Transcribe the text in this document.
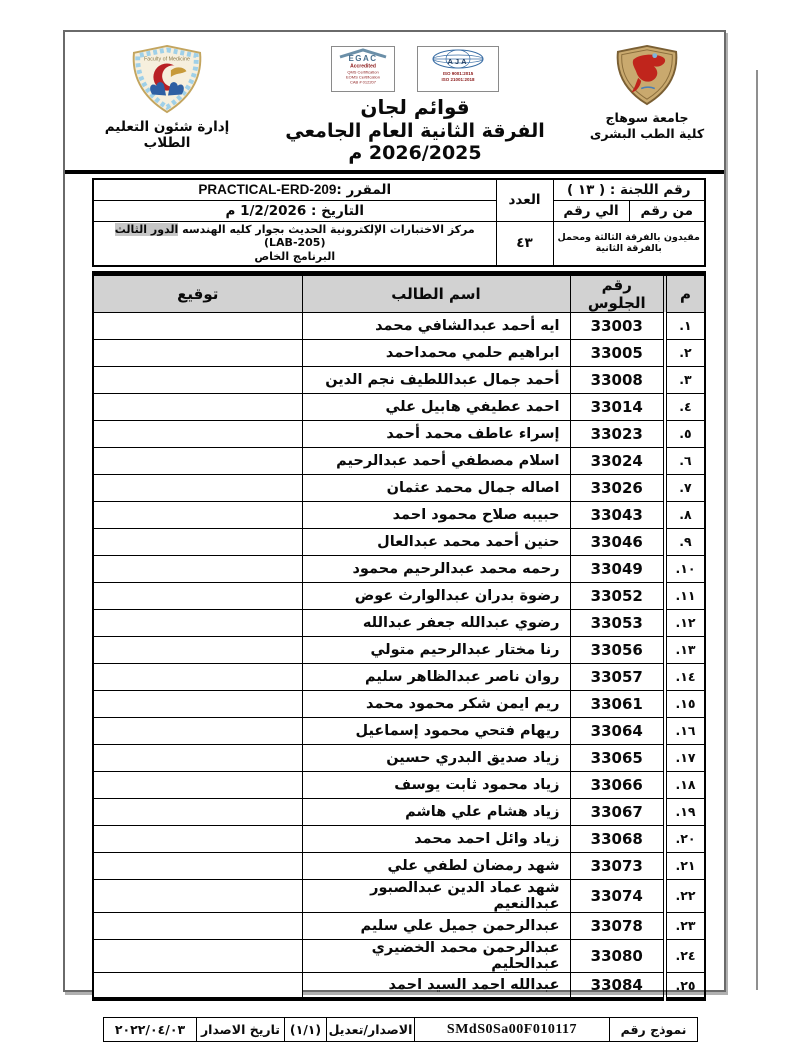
جامعة سوهاج
كلية الطب البشرى
EGAC
Accredited
QMS Certification
EOMS Certification
CAB # 012207
AJA
ISO 9001:2015
ISO 21001:2018
قوائم لجان
الفرقة الثانية العام الجامعي 2026/2025 م
Faculty of Medicine
إدارة شئون التعليم الطلاب
رقم اللجنة : ( ١٣ )		العدد	المقرر :PRACTICAL-ERD-209
من رقم	الي رقم		التاريخ : 1/2/2026 م
مقيدون بالفرقة الثالثة ومحمل بالفرقة الثانية		٤٣	مركز الاختبارات الإلكترونية الحديث بجوار كليه الهندسه الدور الثالث (LAB-205)
البرنامج الخاص
م	رقم الجلوس	اسم الطالب	توقيع
١.	33003	ايه أحمد عبدالشافي محمد	
٢.	33005	ابراهيم حلمي محمداحمد	
٣.	33008	أحمد جمال عبداللطيف نجم الدين	
٤.	33014	احمد عطيفي هابيل علي	
٥.	33023	إسراء عاطف محمد أحمد	
٦.	33024	اسلام مصطفي أحمد عبدالرحيم	
٧.	33026	اصاله جمال محمد عثمان	
٨.	33043	حبيبه صلاح محمود احمد	
٩.	33046	حنين أحمد محمد عبدالعال	
١٠.	33049	رحمه محمد عبدالرحيم محمود	
١١.	33052	رضوة بدران عبدالوارث عوض	
١٢.	33053	رضوي عبدالله جعفر عبدالله	
١٣.	33056	رنا مختار عبدالرحيم متولي	
١٤.	33057	روان ناصر عبدالظاهر سليم	
١٥.	33061	ريم ايمن شكر محمود محمد	
١٦.	33064	ريهام فتحي محمود إسماعيل	
١٧.	33065	زياد صديق البدري حسين	
١٨.	33066	زياد محمود ثابت يوسف	
١٩.	33067	زياد هشام علي هاشم	
٢٠.	33068	زياد وائل احمد محمد	
٢١.	33073	شهد رمضان لطفي علي	
٢٢.	33074	شهد عماد الدين عبدالصبور عبدالنعيم	
٢٣.	33078	عبدالرحمن جميل علي سليم	
٢٤.	33080	عبدالرحمن محمد الخضيري عبدالحليم	
٢٥.	33084	عبدالله احمد السيد احمد	
نموذج رقم	SMdS0Sa00F010117	الاصدار/تعديل	(١/١)	تاريخ الاصدار	٢٠٢٢/٠٤/٠٣
